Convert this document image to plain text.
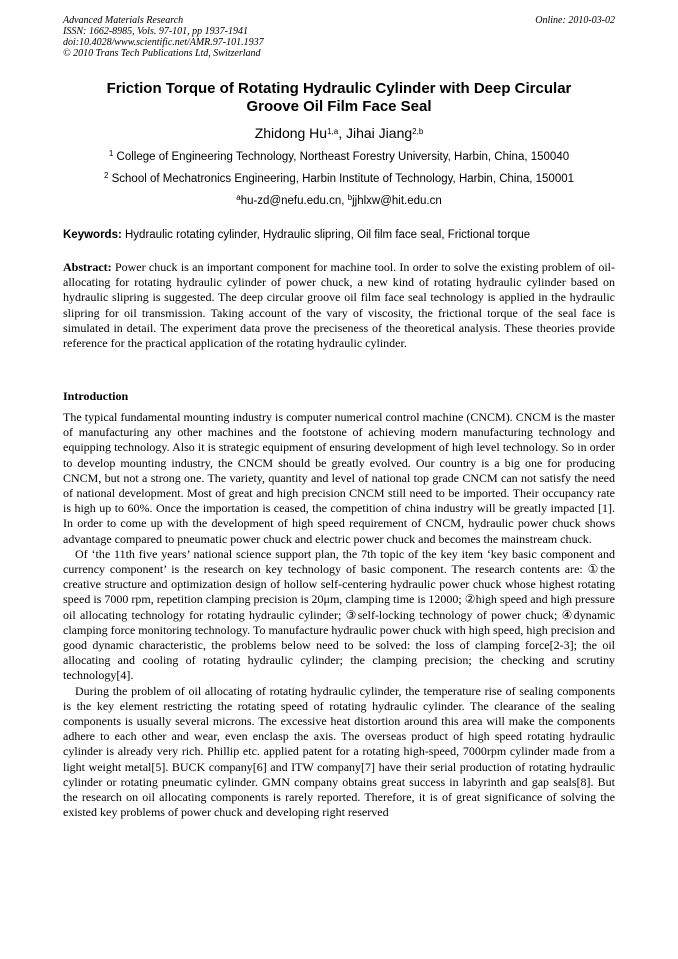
Advanced Materials Research
ISSN: 1662-8985, Vols. 97-101, pp 1937-1941
doi:10.4028/www.scientific.net/AMR.97-101.1937
© 2010 Trans Tech Publications Ltd, Switzerland
Online: 2010-03-02
Friction Torque of Rotating Hydraulic Cylinder with Deep Circular
Groove Oil Film Face Seal
Zhidong Hu$^{1,a}$, Jihai Jiang$^{2,b}$
$^1$ College of Engineering Technology, Northeast Forestry University, Harbin, China, 150040
$^2$ School of Mechatronics Engineering, Harbin Institute of Technology, Harbin, China, 150001
$^a$hu-zd@nefu.edu.cn, $^b$jjhlxw@hit.edu.cn
Keywords: Hydraulic rotating cylinder, Hydraulic slipring, Oil film face seal, Frictional torque
Abstract: Power chuck is an important component for machine tool. In order to solve the existing problem of oil-allocating for rotating hydraulic cylinder of power chuck, a new kind of rotating hydraulic cylinder based on hydraulic slipring is suggested. The deep circular groove oil film face seal technology is applied in the hydraulic slipring for oil transmission. Taking account of the vary of viscosity, the frictional torque of the seal face is simulated in detail. The experiment data prove the preciseness of the theoretical analysis. These theories provide reference for the practical application of the rotating hydraulic cylinder.
Introduction

The typical fundamental mounting industry is computer numerical control machine (CNCM). CNCM is the master of manufacturing any other machines and the footstone of achieving modern manufacturing technology and equipping technology. Also it is strategic equipment of ensuring development of high level technology. So in order to develop mounting industry, the CNCM should be greatly evolved. Our country is a big one for producing CNCM, but not a strong one. The variety, quantity and level of national top grade CNCM can not satisfy the need of national development. Most of great and high precision CNCM still need to be imported. Their occupancy rate is high up to 60%. Once the importation is ceased, the competition of china industry will be greatly impacted [1]. In order to come up with the development of high speed requirement of CNCM, hydraulic power chuck shows advantage compared to pneumatic power chuck and electric power chuck and becomes the mainstream chuck.

Of ‘the 11th five years’ national science support plan, the 7th topic of the key item ‘key basic component and currency component’ is the research on key technology of basic component. The research contents are: ①the creative structure and optimization design of hollow self-centering hydraulic power chuck whose highest rotating speed is 7000 rpm, repetition clamping precision is 20μm, clamping time is 12000; ②high speed and high pressure oil allocating technology for rotating hydraulic cylinder; ③self-locking technology of power chuck; ④dynamic clamping force monitoring technology. To manufacture hydraulic power chuck with high speed, high precision and good dynamic characteristic, the problems below need to be solved: the loss of clamping force[2-3]; the oil allocating and cooling of rotating hydraulic cylinder; the clamping precision; the checking and scrutiny technology[4].

During the problem of oil allocating of rotating hydraulic cylinder, the temperature rise of sealing components is the key element restricting the rotating speed of rotating hydraulic cylinder. The clearance of the sealing components is usually several microns. The excessive heat distortion around this area will make the components adhere to each other and wear, even enclasp the axis. The overseas product of high speed rotating hydraulic cylinder is already very rich. Phillip etc. applied patent for a rotating high-speed, 7000rpm cylinder made from a light weight metal[5]. BUCK company[6] and ITW company[7] have their serial production of rotating hydraulic cylinder or rotating pneumatic cylinder. GMN company obtains great success in labyrinth and gap seals[8]. But the research on oil allocating components is rarely reported. Therefore, it is of great significance of solving the existed key problems of power chuck and developing right reserved
